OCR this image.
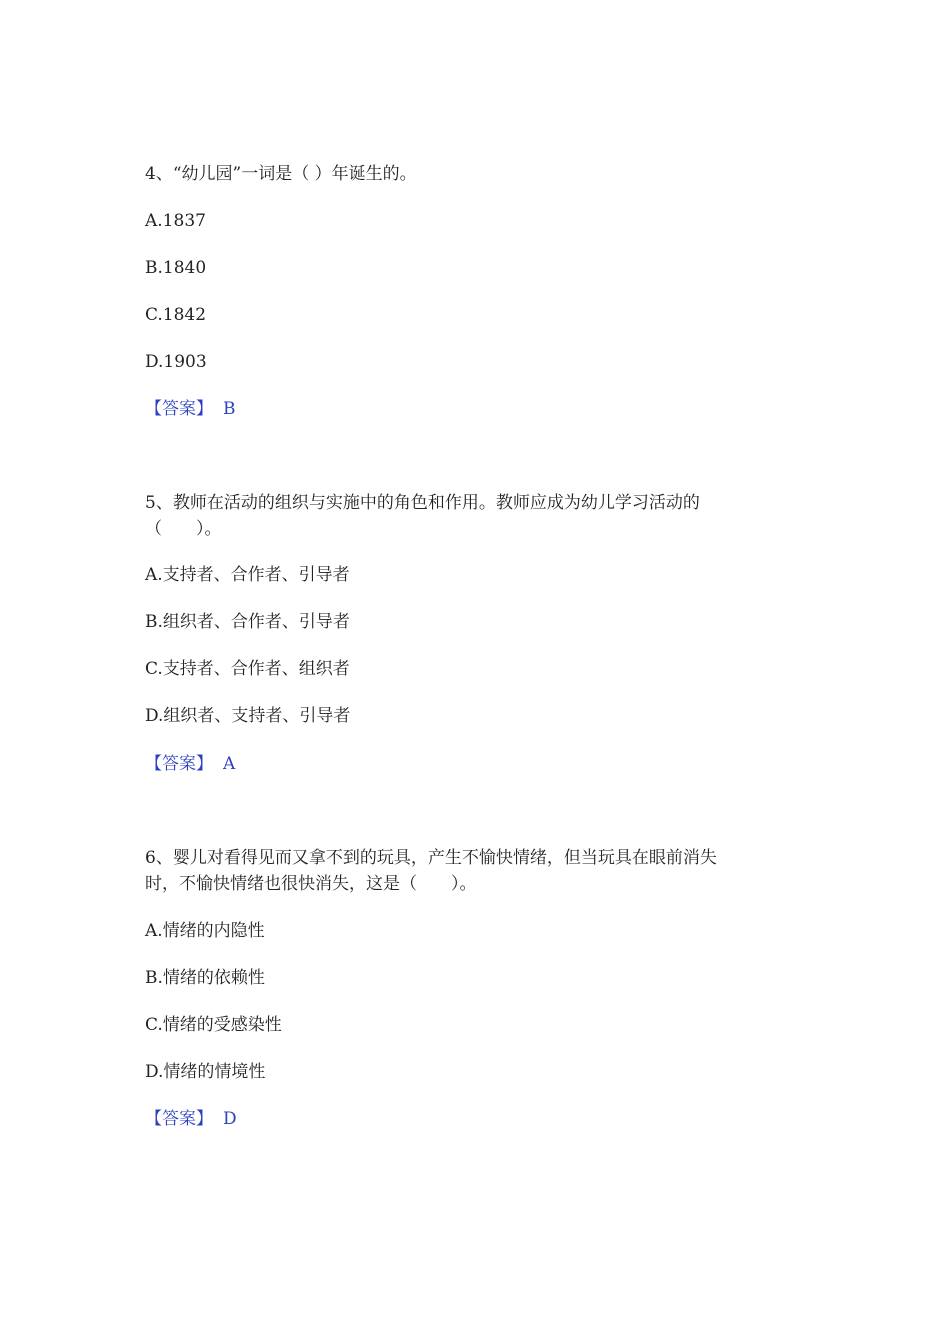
4、“幼儿园”一词是（ ）年诞生的。

A.1837

B.1840

C.1842

D.1903

【答案】 B

5、教师在活动的组织与实施中的角色和作用。教师应成为幼儿学习活动的

（　　）。

A.支持者、合作者、引导者

B.组织者、合作者、引导者

C.支持者、合作者、组织者

D.组织者、支持者、引导者

【答案】 A

6、婴儿对看得见而又拿不到的玩具，产生不愉快情绪，但当玩具在眼前消失

时，不愉快情绪也很快消失，这是（　　）。

A.情绪的内隐性

B.情绪的依赖性

C.情绪的受感染性

D.情绪的情境性

【答案】 D
